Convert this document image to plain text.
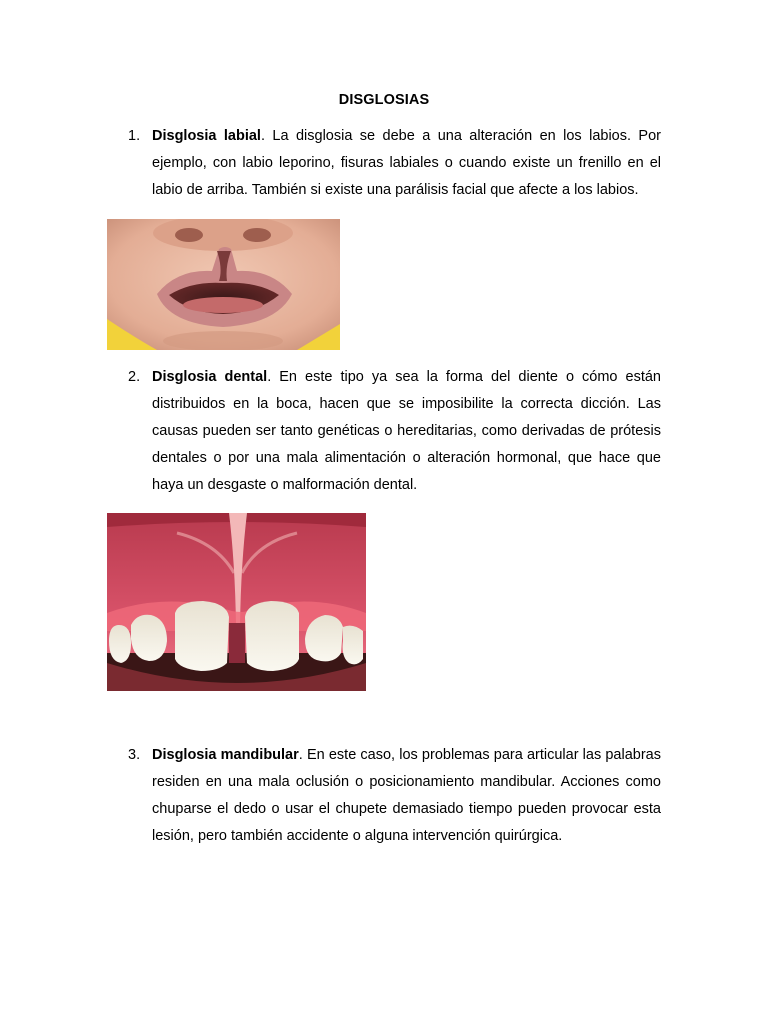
DISGLOSIAS
1. Disglosia labial. La disglosia se debe a una alteración en los labios. Por ejemplo, con labio leporino, fisuras labiales o cuando existe un frenillo en el labio de arriba. También si existe una parálisis facial que afecte a los labios.
2. Disglosia dental. En este tipo ya sea la forma del diente o cómo están distribuidos en la boca, hacen que se imposibilite la correcta dicción. Las causas pueden ser tanto genéticas o hereditarias, como derivadas de prótesis dentales o por una mala alimentación o alteración hormonal, que hace que haya un desgaste o malformación dental.
3. Disglosia mandibular. En este caso, los problemas para articular las palabras residen en una mala oclusión o posicionamiento mandibular. Acciones como chuparse el dedo o usar el chupete demasiado tiempo pueden provocar esta lesión, pero también accidente o alguna intervención quirúrgica.
